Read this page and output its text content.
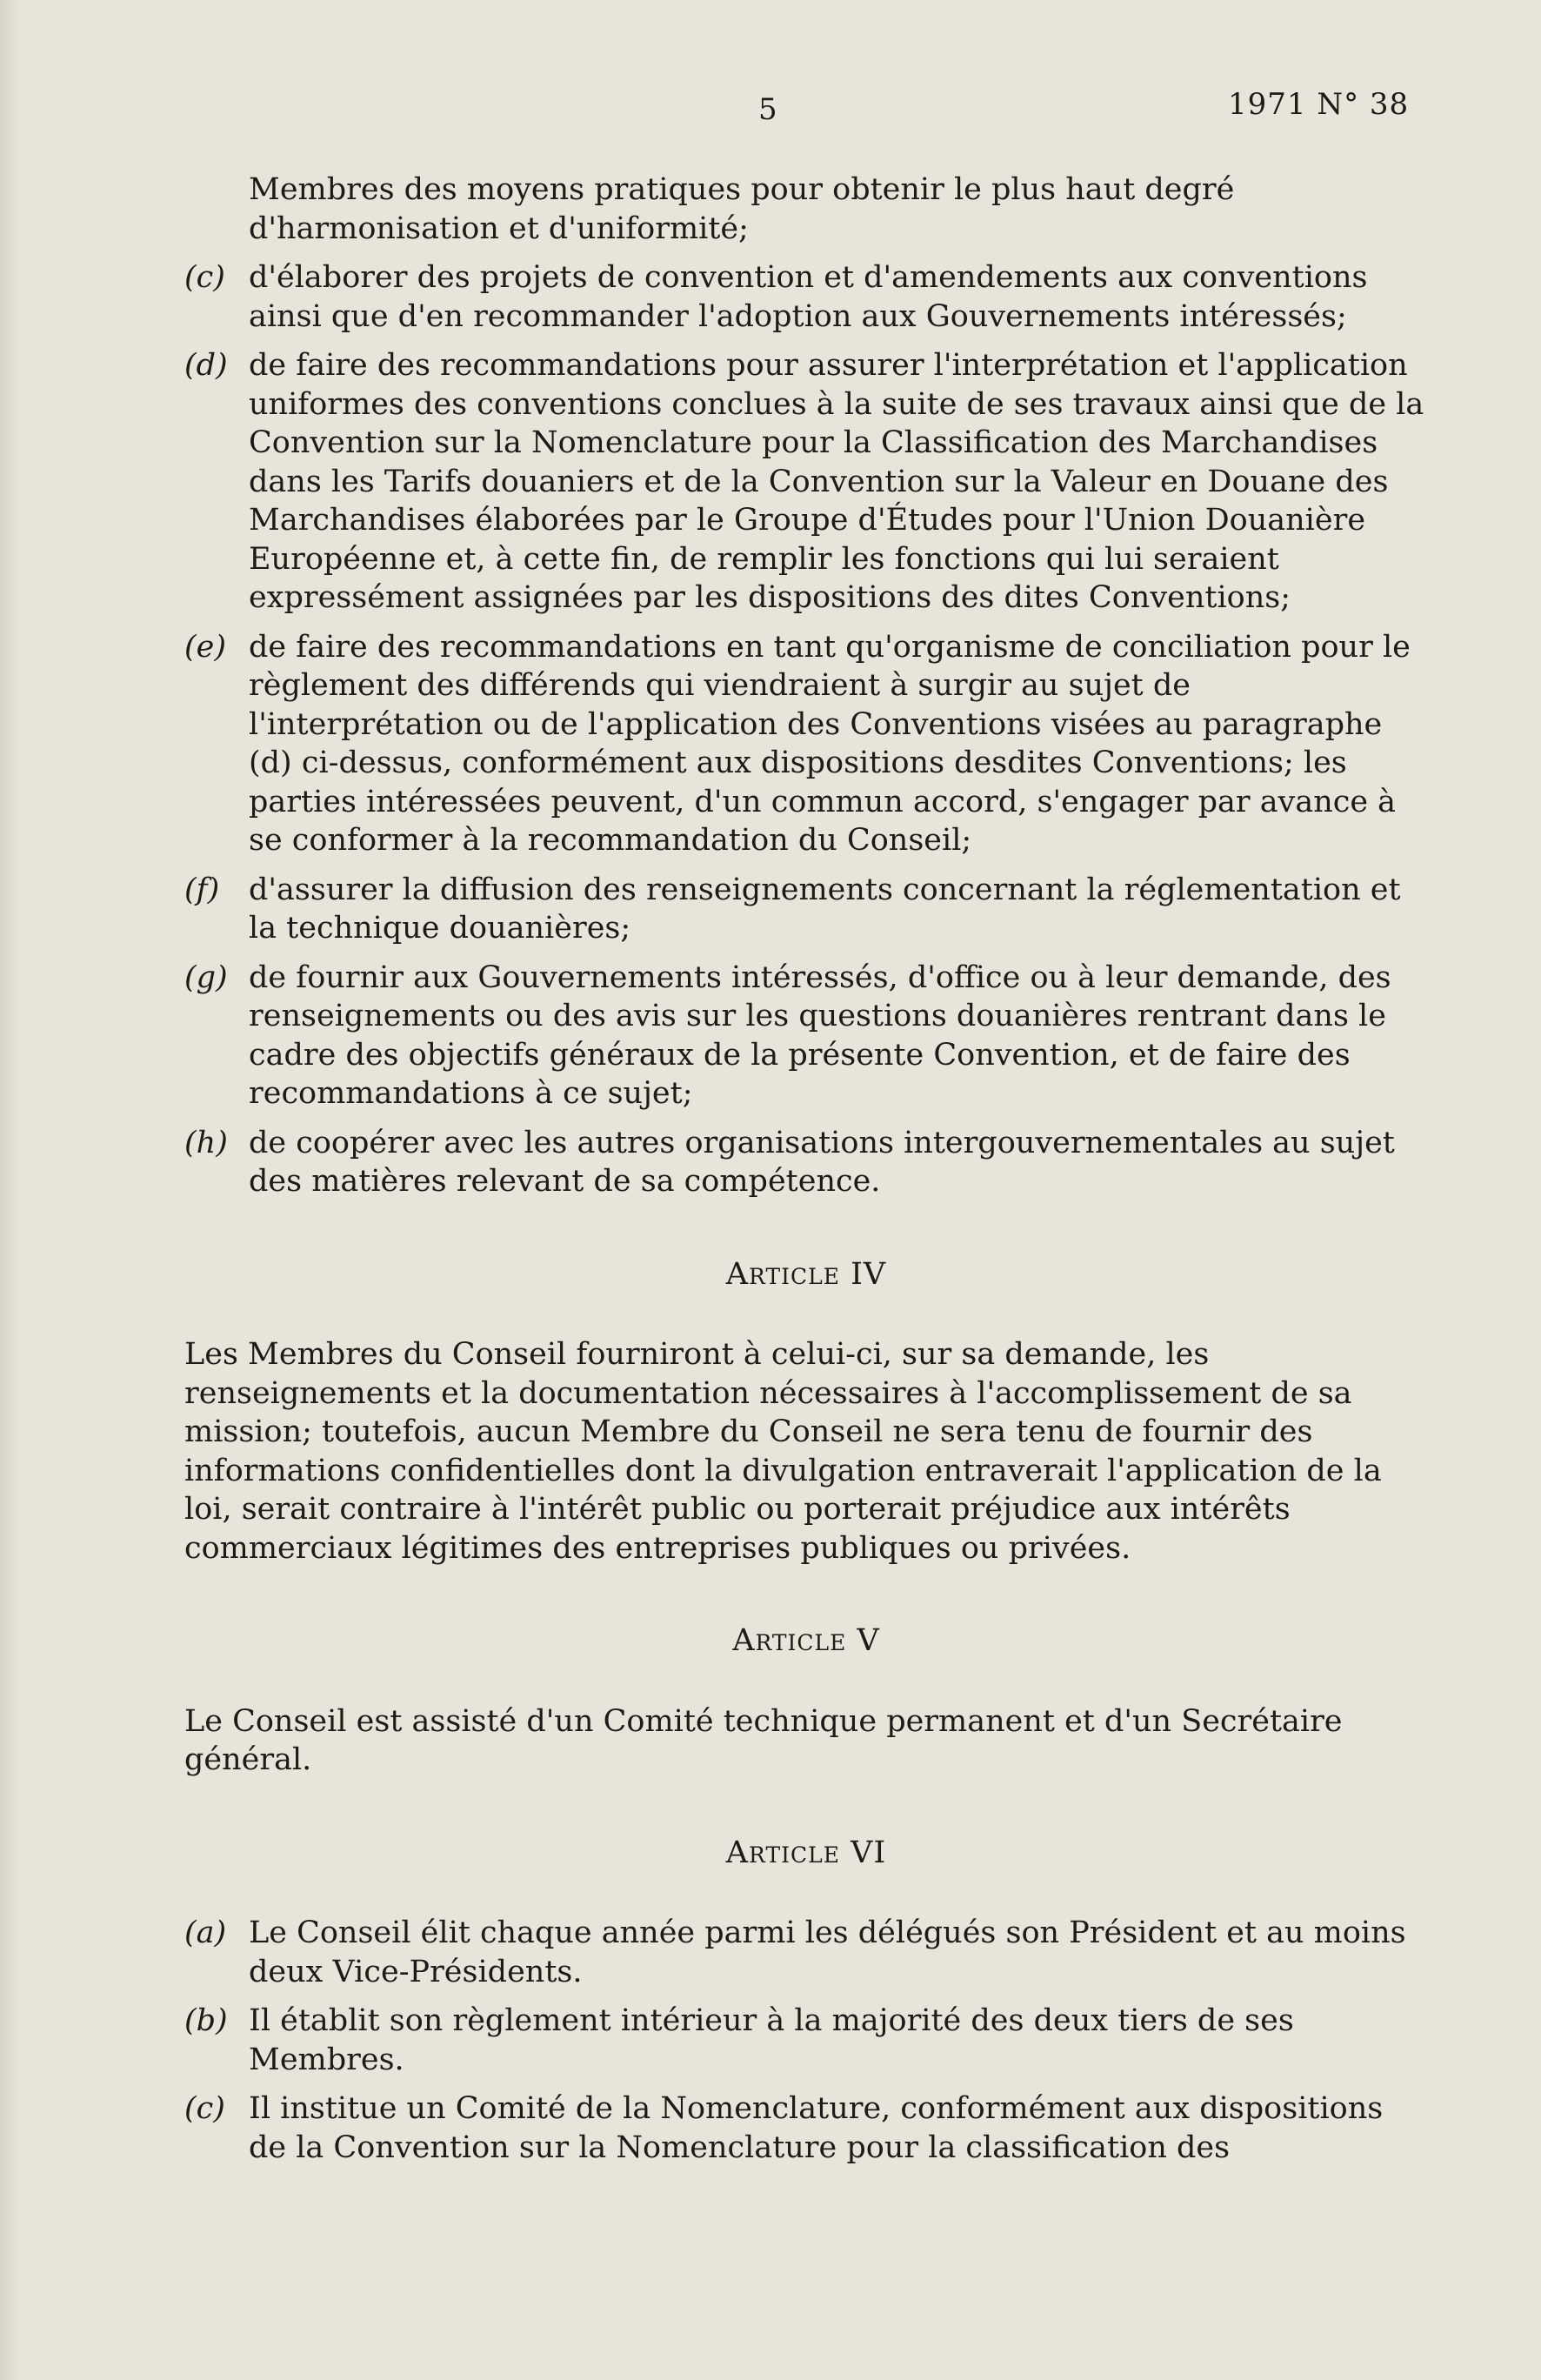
5	1971 N° 38

Membres des moyens pratiques pour obtenir le plus haut degré d'harmonisation et d'uniformité;

(c) d'élaborer des projets de convention et d'amendements aux conventions ainsi que d'en recommander l'adoption aux Gouvernements intéressés;
(d) de faire des recommandations pour assurer l'interprétation et l'application uniformes des conventions conclues à la suite de ses travaux ainsi que de la Convention sur la Nomenclature pour la Classification des Marchandises dans les Tarifs douaniers et de la Convention sur la Valeur en Douane des Marchandises élaborées par le Groupe d'Études pour l'Union Douanière Européenne et, à cette fin, de remplir les fonctions qui lui seraient expressément assignées par les dispositions des dites Conventions;
(e) de faire des recommandations en tant qu'organisme de conciliation pour le règlement des différends qui viendraient à surgir au sujet de l'interprétation ou de l'application des Conventions visées au paragraphe (d) ci-dessus, conformément aux dispositions desdites Conventions; les parties intéressées peuvent, d'un commun accord, s'engager par avance à se conformer à la recommandation du Conseil;
(f) d'assurer la diffusion des renseignements concernant la réglementation et la technique douanières;
(g) de fournir aux Gouvernements intéressés, d'office ou à leur demande, des renseignements ou des avis sur les questions douanières rentrant dans le cadre des objectifs généraux de la présente Convention, et de faire des recommandations à ce sujet;
(h) de coopérer avec les autres organisations intergouvernementales au sujet des matières relevant de sa compétence.
Article IV

Les Membres du Conseil fourniront à celui-ci, sur sa demande, les renseignements et la documentation nécessaires à l'accomplissement de sa mission; toutefois, aucun Membre du Conseil ne sera tenu de fournir des informations confidentielles dont la divulgation entraverait l'application de la loi, serait contraire à l'intérêt public ou porterait préjudice aux intérêts commerciaux légitimes des entreprises publiques ou privées.

Article V

Le Conseil est assisté d'un Comité technique permanent et d'un Secrétaire général.

Article VI
(a) Le Conseil élit chaque année parmi les délégués son Président et au moins deux Vice-Présidents.
(b) Il établit son règlement intérieur à la majorité des deux tiers de ses Membres.
(c) Il institue un Comité de la Nomenclature, conformément aux dispositions de la Convention sur la Nomenclature pour la classification des
